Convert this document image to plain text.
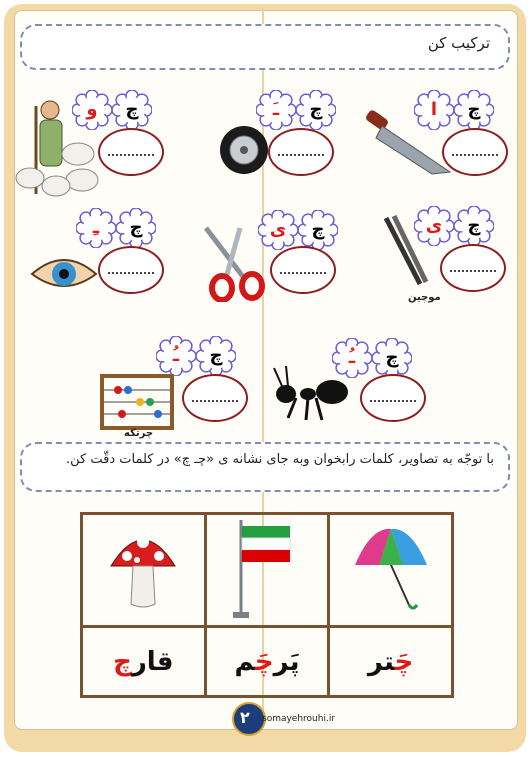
ترکیب کن
چ
ا
چ
ـَ
چ
و
چ
ی
چ
ی
چ
ـِ
چ
ـُ
چ
ـُ
موچین
چرتکه
با توجّه به تصاویر، کلمات رابخوان وبه جای نشانه ی «چـ چ» در کلمات دقّت کن.

قارچ	پَرچَم	چَتر
۲ somayehrouhi.ir
